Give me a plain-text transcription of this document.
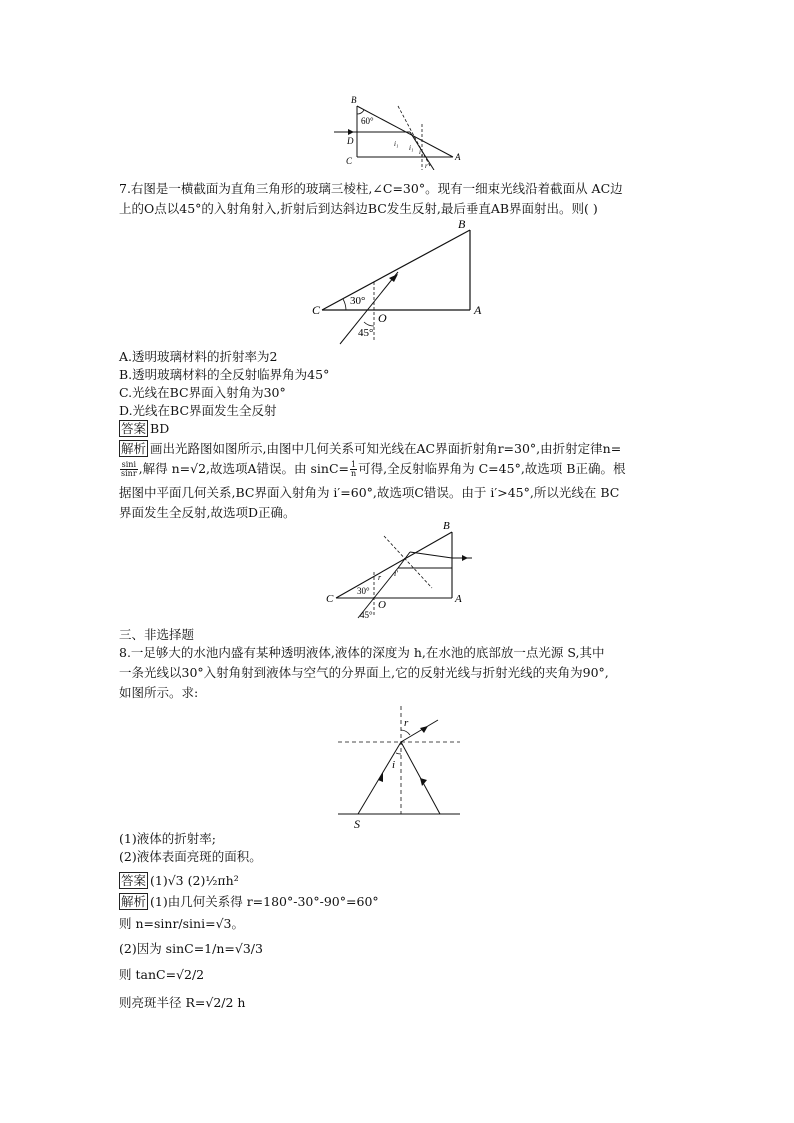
B
60°
D
C	A
i₁ i₁ i₂
r
7.右图是一横截面为直角三角形的玻璃三棱柱,∠C=30°。现有一细束光线沿着截面从 AC边
上的O点以45°的入射角射入,折射后到达斜边BC发生反射,最后垂直AB界面射出。则( )
C	A
B
O
30°
45°
A.透明玻璃材料的折射率为2
B.透明玻璃材料的全反射临界角为45°
C.光线在BC界面入射角为30°
D.光线在BC界面发生全反射
答案 BD
解析 画出光路图如图所示,由图中几何关系可知光线在AC界面折射角r=30°,由折射定律n=
$\frac{\sin i}{\sin r}$ ,解得 n=√2,故选项A错误。由 $\sin C= \frac{1}{n}$ 可得,全反射临界角为 C=45°,故选项 B正确。根
据图中平面几何关系,BC界面入射角为 i′=60°,故选项C错误。由于 i′>45°,所以光线在 BC
界面发生全反射,故选项D正确。
C	A
B
O
30°
45°
r i′
三、非选择题
8.一足够大的水池内盛有某种透明液体,液体的深度为 h,在水池的底部放一点光源 S,其中
一条光线以30°入射角射到液体与空气的分界面上,它的反射光线与折射光线的夹角为90°,
如图所示。求:
r
i
S
(1)液体的折射率;
(2)液体表面亮斑的面积。
答案 (1)√3 (2)½πh²
解析 (1)由几何关系得 r=180°-30°-90°=60°
则 n=sinr/sini=√3。
(2)因为 sinC=1/n=√3/3
则 tanC=√2/2
则亮斑半径 R=√2/2 h
